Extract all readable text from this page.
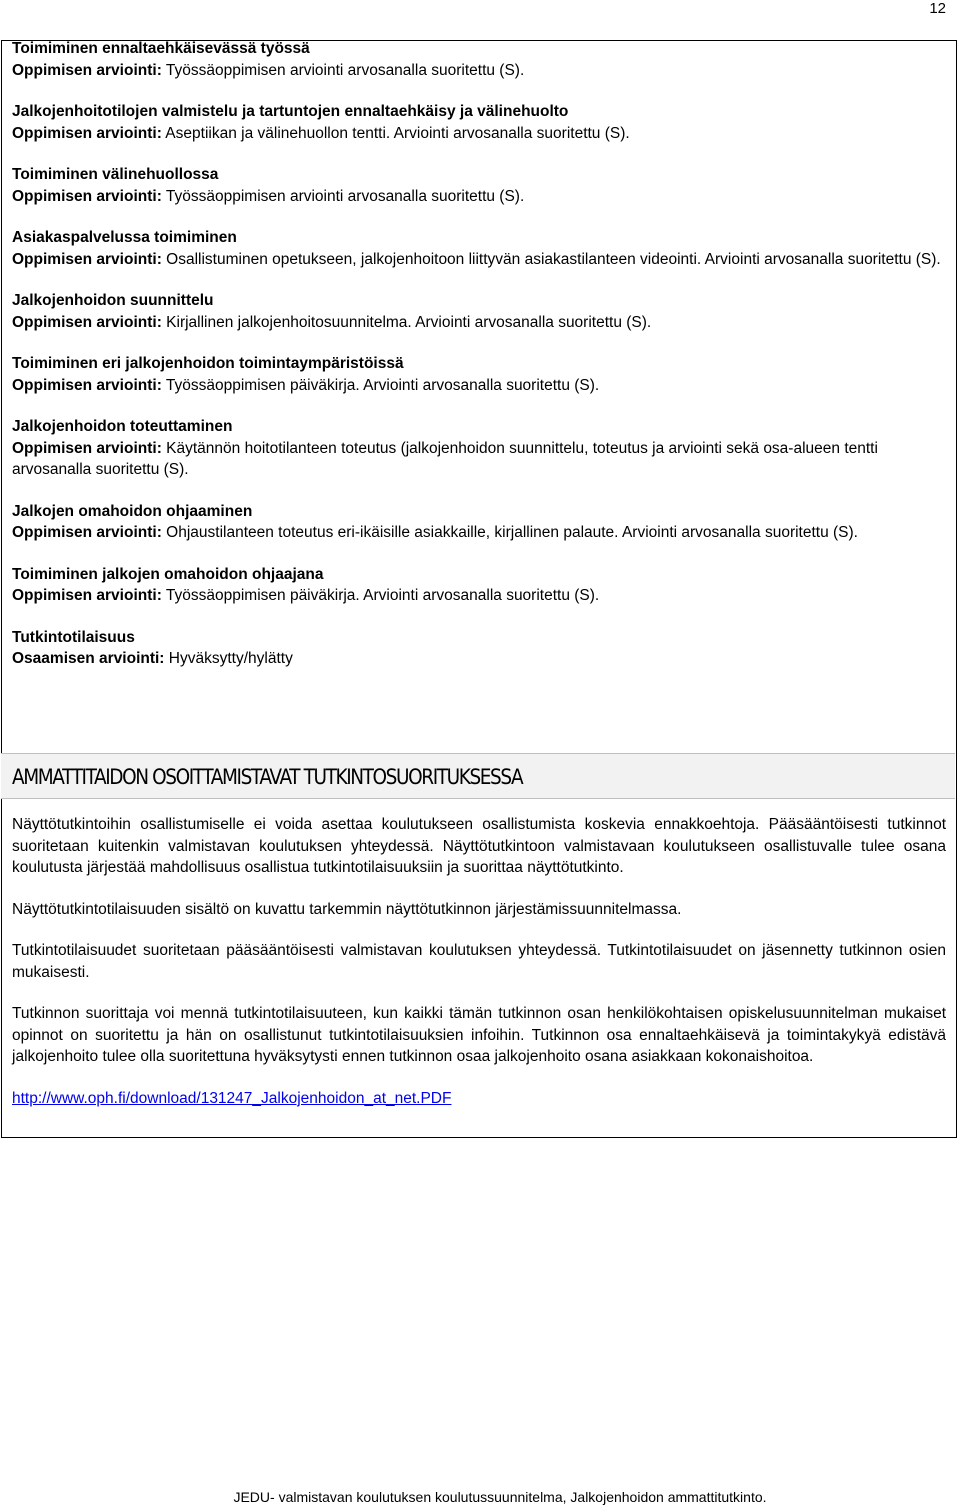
12

Toimiminen ennaltaehkäisevässä työssä

Oppimisen arviointi: Työssäoppimisen arviointi arvosanalla suoritettu (S).

Jalkojenhoitotilojen valmistelu ja tartuntojen ennaltaehkäisy ja välinehuolto

Oppimisen arviointi: Aseptiikan ja välinehuollon tentti. Arviointi arvosanalla suoritettu (S).

Toimiminen välinehuollossa

Oppimisen arviointi: Työssäoppimisen arviointi arvosanalla suoritettu (S).

Asiakaspalvelussa toimiminen

Oppimisen arviointi: Osallistuminen opetukseen, jalkojenhoitoon liittyvän asiakastilanteen videointi. Arviointi arvosanalla suoritettu (S).

Jalkojenhoidon suunnittelu

Oppimisen arviointi: Kirjallinen jalkojenhoitosuunnitelma. Arviointi arvosanalla suoritettu (S).

Toimiminen eri jalkojenhoidon toimintaympäristöissä

Oppimisen arviointi: Työssäoppimisen päiväkirja. Arviointi arvosanalla suoritettu (S).

Jalkojenhoidon toteuttaminen

Oppimisen arviointi: Käytännön hoitotilanteen toteutus (jalkojenhoidon suunnittelu, toteutus ja arviointi sekä osa-alueen tentti arvosanalla suoritettu (S).

Jalkojen omahoidon ohjaaminen

Oppimisen arviointi: Ohjaustilanteen toteutus eri-ikäisille asiakkaille, kirjallinen palaute. Arviointi arvosanalla suoritettu (S).

Toimiminen jalkojen omahoidon ohjaajana

Oppimisen arviointi: Työssäoppimisen päiväkirja. Arviointi arvosanalla suoritettu (S).

Tutkintotilaisuus

Osaamisen arviointi: Hyväksytty/hylätty

AMMATTITAIDON OSOITTAMISTAVAT TUTKINTOSUORITUKSESSA

Näyttötutkintoihin osallistumiselle ei voida asettaa koulutukseen osallistumista koskevia ennakkoehtoja. Pääsääntöisesti tutkinnot suoritetaan kuitenkin valmistavan koulutuksen yhteydessä. Näyttötutkintoon valmistavaan koulutukseen osallistuvalle tulee osana koulutusta järjestää mahdollisuus osallistua tutkintotilaisuuksiin ja suorittaa näyttötutkinto.

Näyttötutkintotilaisuuden sisältö on kuvattu tarkemmin näyttötutkinnon järjestämissuunnitelmassa.

Tutkintotilaisuudet suoritetaan pääsääntöisesti valmistavan koulutuksen yhteydessä. Tutkintotilaisuudet on jäsennetty tutkinnon osien mukaisesti.

Tutkinnon suorittaja voi mennä tutkintotilaisuuteen, kun kaikki tämän tutkinnon osan henkilökohtaisen opiskelusuunnitelman mukaiset opinnot on suoritettu ja hän on osallistunut tutkintotilaisuuksien infoihin. Tutkinnon osa ennaltaehkäisevä ja toimintakykyä edistävä jalkojenhoito tulee olla suoritettuna hyväksytysti ennen tutkinnon osaa jalkojenhoito osana asiakkaan kokonaishoitoa.

http://www.oph.fi/download/131247_Jalkojenhoidon_at_net.PDF

JEDU- valmistavan koulutuksen koulutussuunnitelma, Jalkojenhoidon ammattitutkinto.
